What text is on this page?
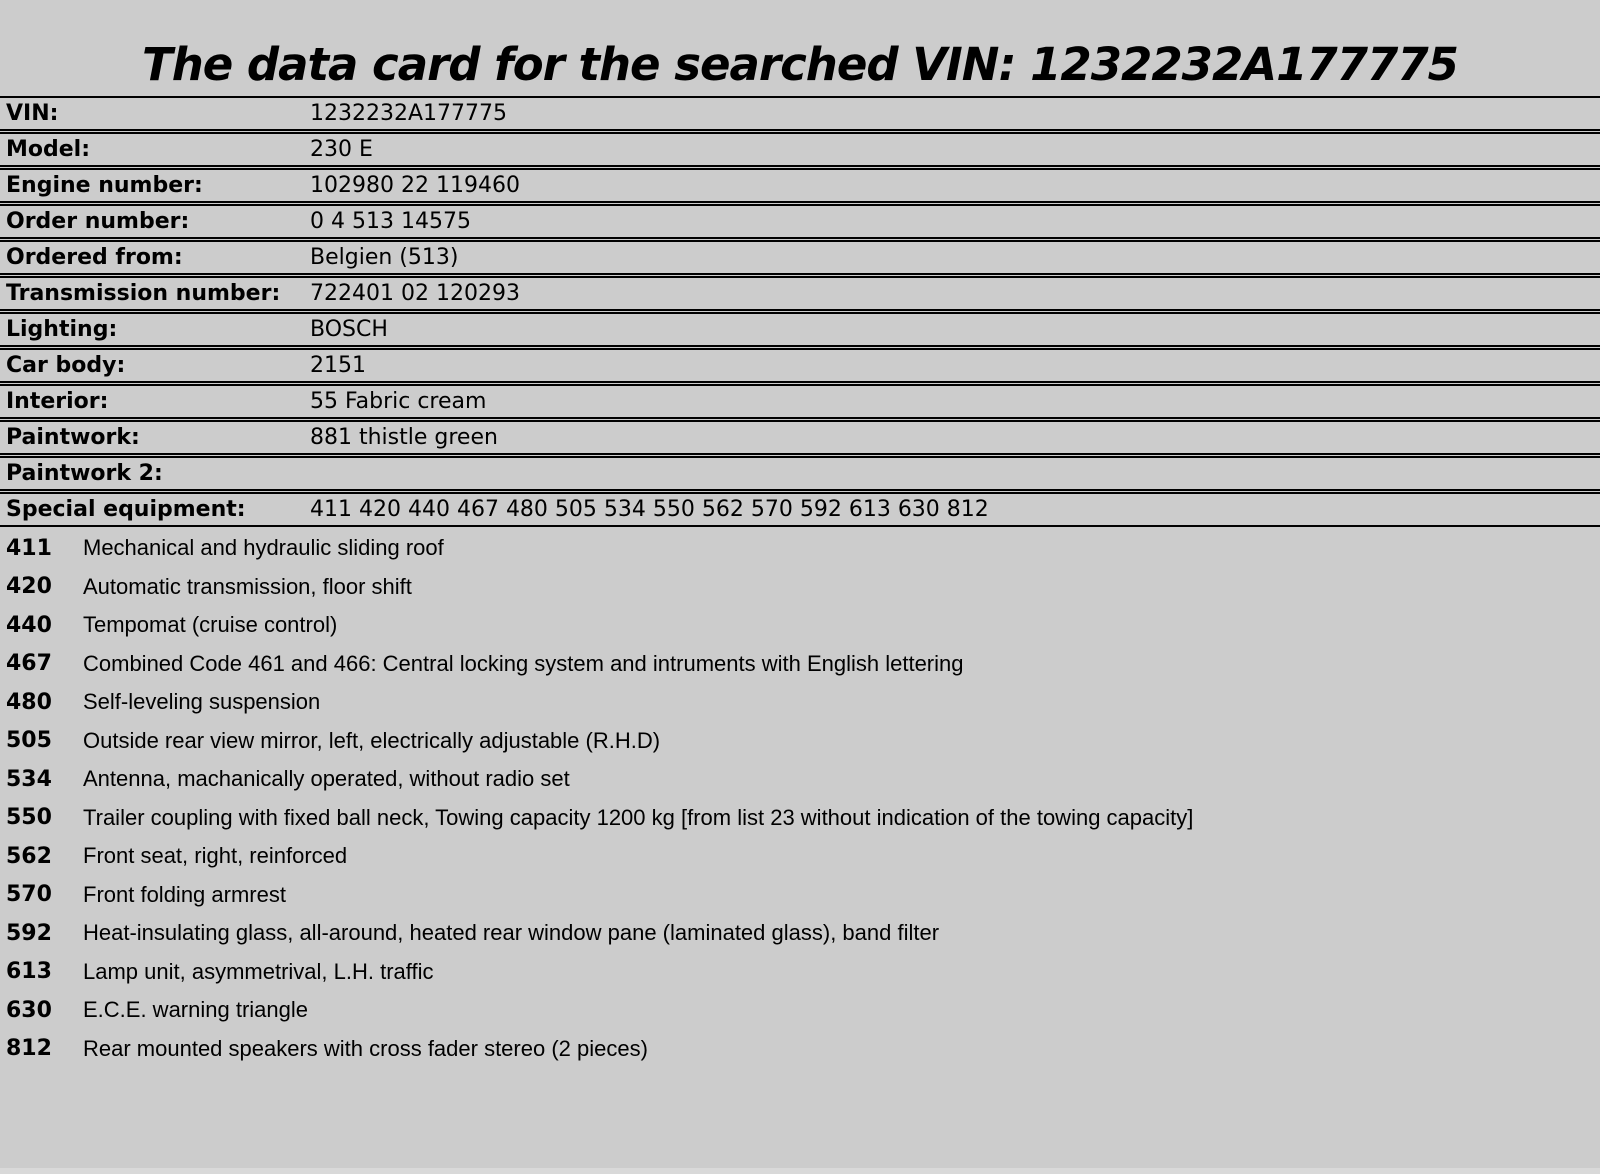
The data card for the searched VIN: 1232232A177775
VIN:	1232232A177775
Model:	230 E
Engine number:	102980 22 119460
Order number:	0 4 513 14575
Ordered from:	Belgien (513)
Transmission number:	722401 02 120293
Lighting:	BOSCH
Car body:	2151
Interior:	55 Fabric cream
Paintwork:	881 thistle green
Paintwork 2:
Special equipment:	411 420 440 467 480 505 534 550 562 570 592 613 630 812
411	Mechanical and hydraulic sliding roof
420	Automatic transmission, floor shift
440	Tempomat (cruise control)
467	Combined Code 461 and 466: Central locking system and intruments with English lettering
480	Self-leveling suspension
505	Outside rear view mirror, left, electrically adjustable (R.H.D)
534	Antenna, machanically operated, without radio set
550	Trailer coupling with fixed ball neck, Towing capacity 1200 kg [from list 23 without indication of the towing capacity]
562	Front seat, right, reinforced
570	Front folding armrest
592	Heat-insulating glass, all-around, heated rear window pane (laminated glass), band filter
613	Lamp unit, asymmetrival, L.H. traffic
630	E.C.E. warning triangle
812	Rear mounted speakers with cross fader stereo (2 pieces)
